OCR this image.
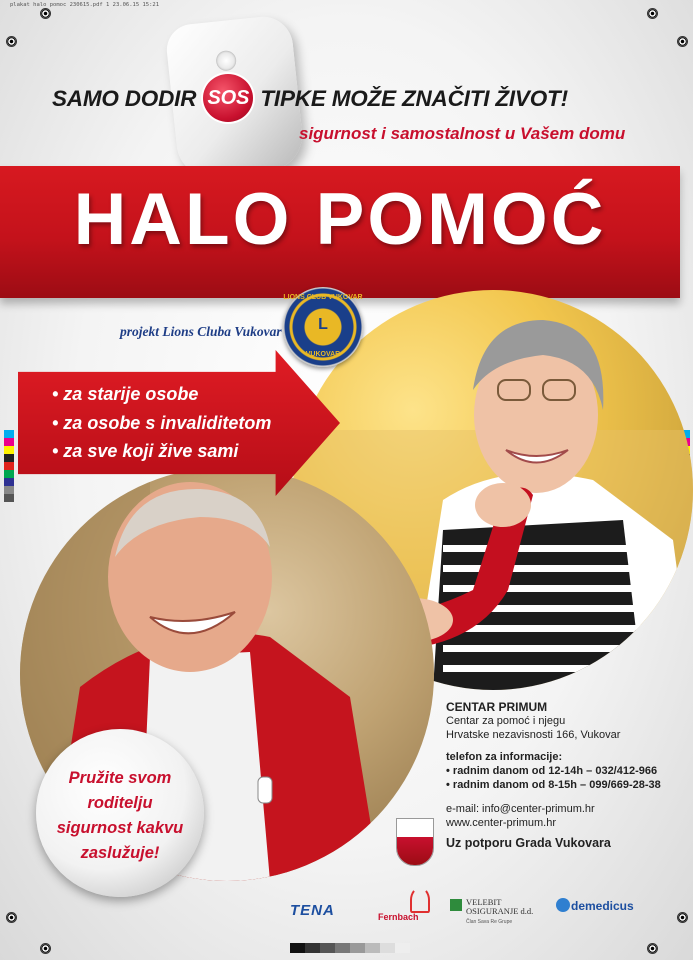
plakat halo pomoc 230615.pdf 1 23.06.15 15:21
SAMO DODIR SOS TIPKE MOŽE ZNAČITI ŽIVOT!
sigurnost i samostalnost u Vašem domu
HALO POMOĆ
LIONS CLUB VUKOVAR
L
VUKOVAR
projekt Lions Cluba Vukovar
• za starije osobe
• za osobe s invaliditetom
• za sve koji žive sami
Pružite svom
roditelju
sigurnost kakvu
zaslužuje!
CENTAR PRIMUM
Centar za pomoć i njegu
Hrvatske nezavisnosti 166, Vukovar
telefon za informacije:
• radnim danom od 12-14h – 032/412-966
• radnim danom od 8-15h – 099/669-28-38
e-mail: info@center-primum.hr
www.center-primum.hr
Uz potporu Grada Vukovara
TENA	Fernbach
VELEBIT
OSIGURANJE d.d.
Član Sava Re Grupe
demedicus
